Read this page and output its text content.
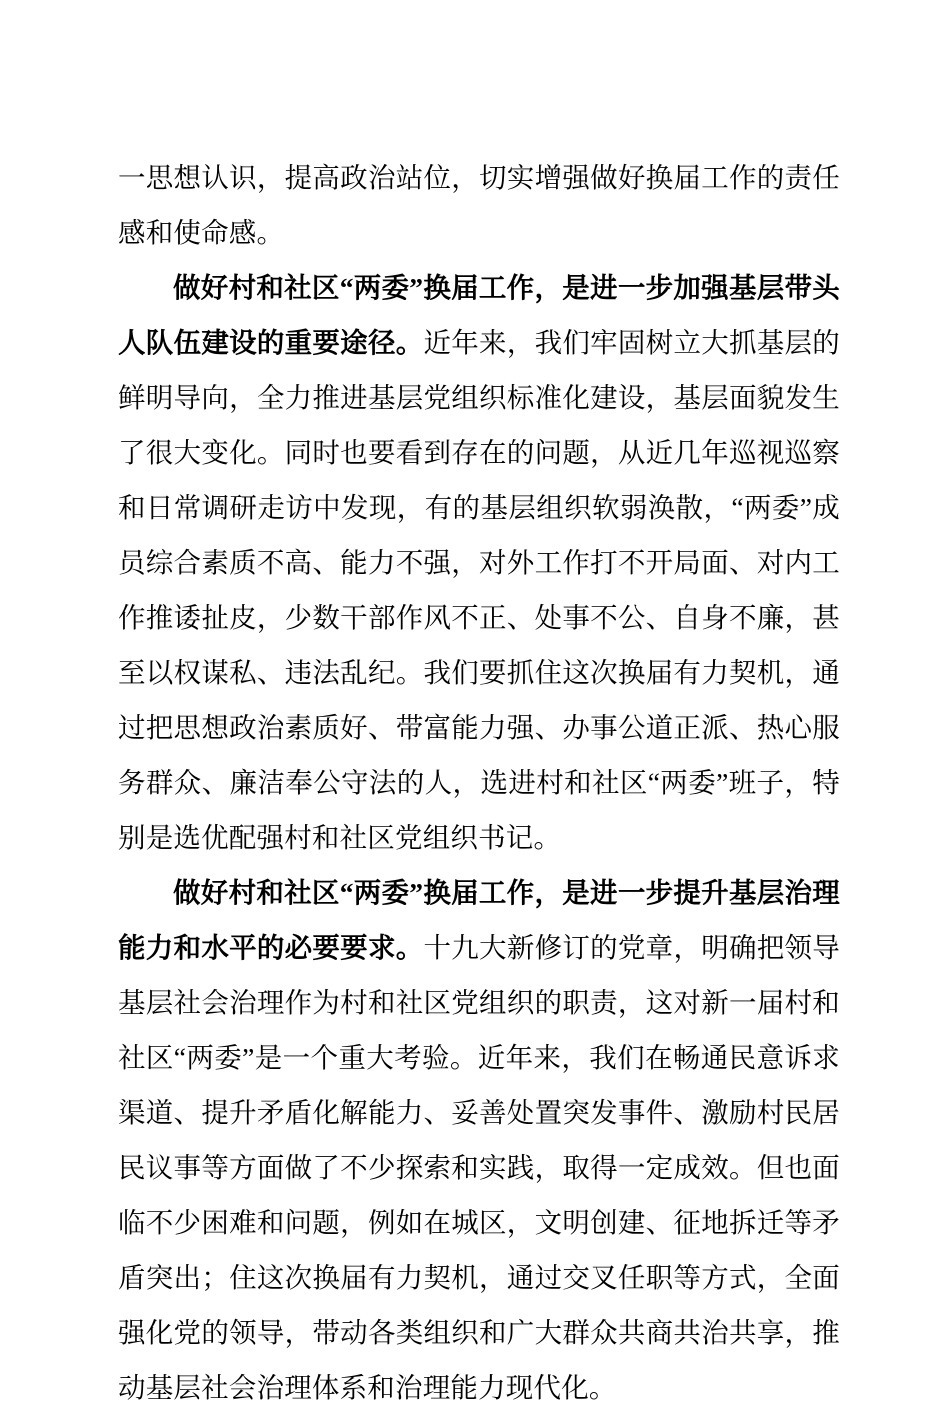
一思想认识，提高政治站位，切实增强做好换届工作的责任感和使命感。

做好村和社区“两委”换届工作，是进一步加强基层带头人队伍建设的重要途径。近年来，我们牢固树立大抓基层的鲜明导向，全力推进基层党组织标准化建设，基层面貌发生了很大变化。同时也要看到存在的问题，从近几年巡视巡察和日常调研走访中发现，有的基层组织软弱涣散，“两委”成员综合素质不高、能力不强，对外工作打不开局面、对内工作推诿扯皮，少数干部作风不正、处事不公、自身不廉，甚至以权谋私、违法乱纪。我们要抓住这次换届有力契机，通过把思想政治素质好、带富能力强、办事公道正派、热心服务群众、廉洁奉公守法的人，选进村和社区“两委”班子，特别是选优配强村和社区党组织书记。

做好村和社区“两委”换届工作，是进一步提升基层治理能力和水平的必要要求。十九大新修订的党章，明确把领导基层社会治理作为村和社区党组织的职责，这对新一届村和社区“两委”是一个重大考验。近年来，我们在畅通民意诉求渠道、提升矛盾化解能力、妥善处置突发事件、激励村民居民议事等方面做了不少探索和实践，取得一定成效。但也面临不少困难和问题，例如在城区，文明创建、征地拆迁等矛盾突出；住这次换届有力契机，通过交叉任职等方式，全面强化党的领导，带动各类组织和广大群众共商共治共享，推动基层社会治理体系和治理能力现代化。
